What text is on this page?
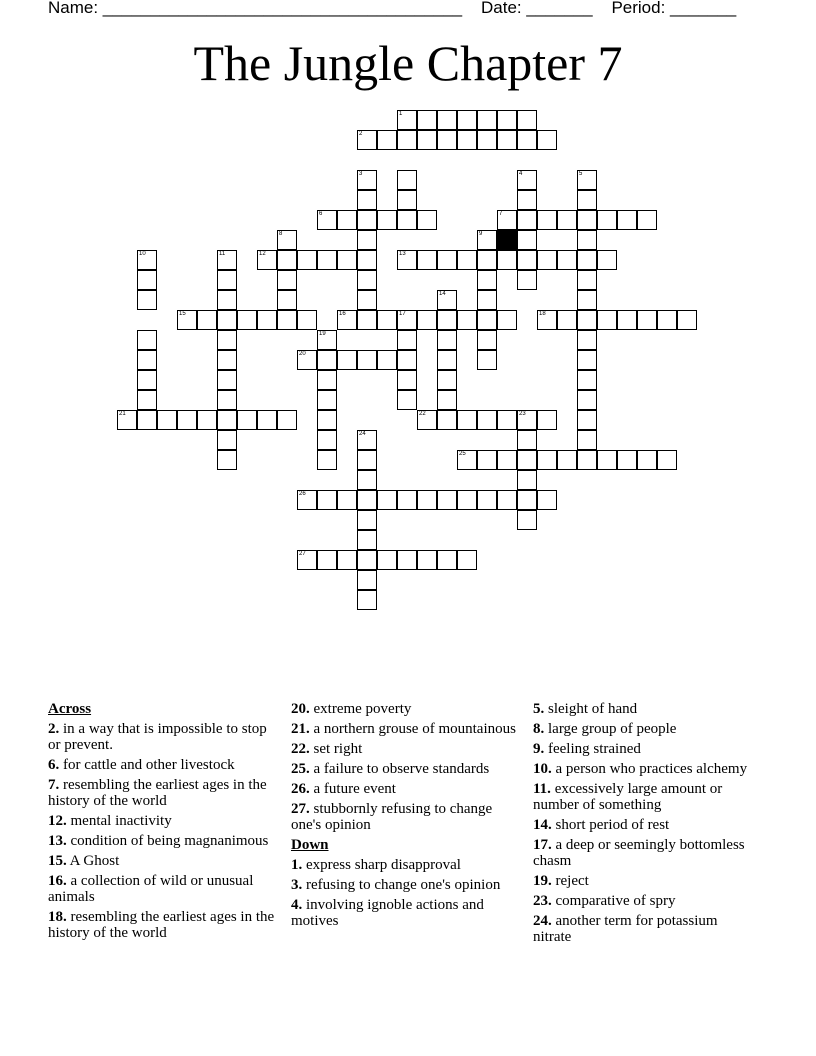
Name: ______________________________________ Date: _______ Period: _______
The Jungle Chapter 7
1
2
3	4	5
6	7
8	9
10	11	12	13
14
15	16	17	18
19
20
21	22	23
24
25
26
27
Across
2. in a way that is impossible to stop or prevent.
6. for cattle and other livestock
7. resembling the earliest ages in the history of the world
12. mental inactivity
13. condition of being magnanimous
15. A Ghost
16. a collection of wild or unusual animals
18. resembling the earliest ages in the history of the world
20. extreme poverty
21. a northern grouse of mountainous
22. set right
25. a failure to observe standards
26. a future event
27. stubbornly refusing to change one's opinion
Down
1. express sharp disapproval
3. refusing to change one's opinion
4. involving ignoble actions and motives
5. sleight of hand
8. large group of people
9. feeling strained
10. a person who practices alchemy
11. excessively large amount or number of something
14. short period of rest
17. a deep or seemingly bottomless chasm
19. reject
23. comparative of spry
24. another term for potassium nitrate
